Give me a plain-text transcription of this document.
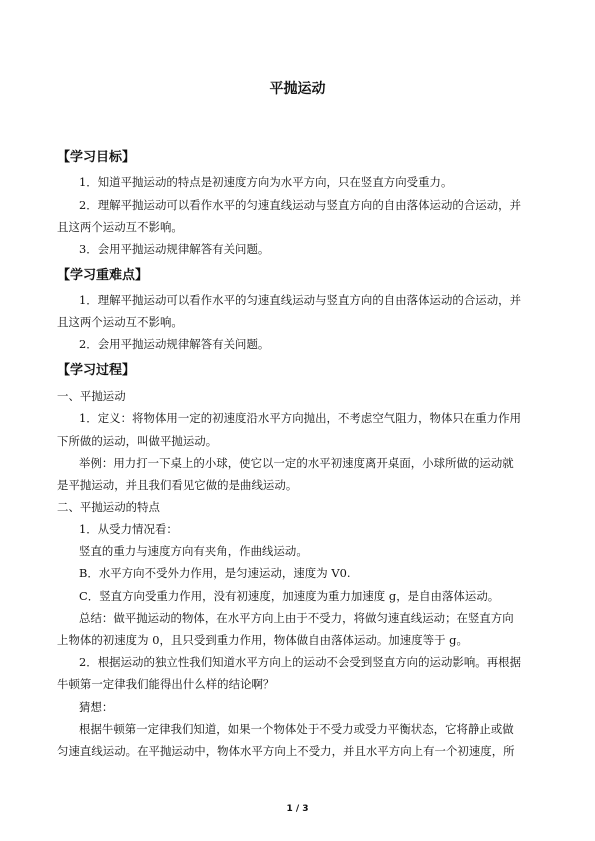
平抛运动
【学习目标】
1．知道平抛运动的特点是初速度方向为水平方向，只在竖直方向受重力。
2．理解平抛运动可以看作水平的匀速直线运动与竖直方向的自由落体运动的合运动，并
且这两个运动互不影响。
3．会用平抛运动规律解答有关问题。
【学习重难点】
1．理解平抛运动可以看作水平的匀速直线运动与竖直方向的自由落体运动的合运动，并
且这两个运动互不影响。
2．会用平抛运动规律解答有关问题。
【学习过程】
一、平抛运动
1．定义：将物体用一定的初速度沿水平方向抛出，不考虑空气阻力，物体只在重力作用
下所做的运动，叫做平抛运动。
举例：用力打一下桌上的小球，使它以一定的水平初速度离开桌面，小球所做的运动就
是平抛运动，并且我们看见它做的是曲线运动。
二、平抛运动的特点
1．从受力情况看：
竖直的重力与速度方向有夹角，作曲线运动。
B．水平方向不受外力作用，是匀速运动，速度为 V0.
C．竖直方向受重力作用，没有初速度，加速度为重力加速度 g，是自由落体运动。
总结：做平抛运动的物体，在水平方向上由于不受力，将做匀速直线运动；在竖直方向
上物体的初速度为 0，且只受到重力作用，物体做自由落体运动。加速度等于 g。
2．根据运动的独立性我们知道水平方向上的运动不会受到竖直方向的运动影响。再根据
牛顿第一定律我们能得出什么样的结论啊？
猜想：
根据牛顿第一定律我们知道，如果一个物体处于不受力或受力平衡状态，它将静止或做
匀速直线运动。在平抛运动中，物体水平方向上不受力，并且水平方向上有一个初速度，所
1 / 3
